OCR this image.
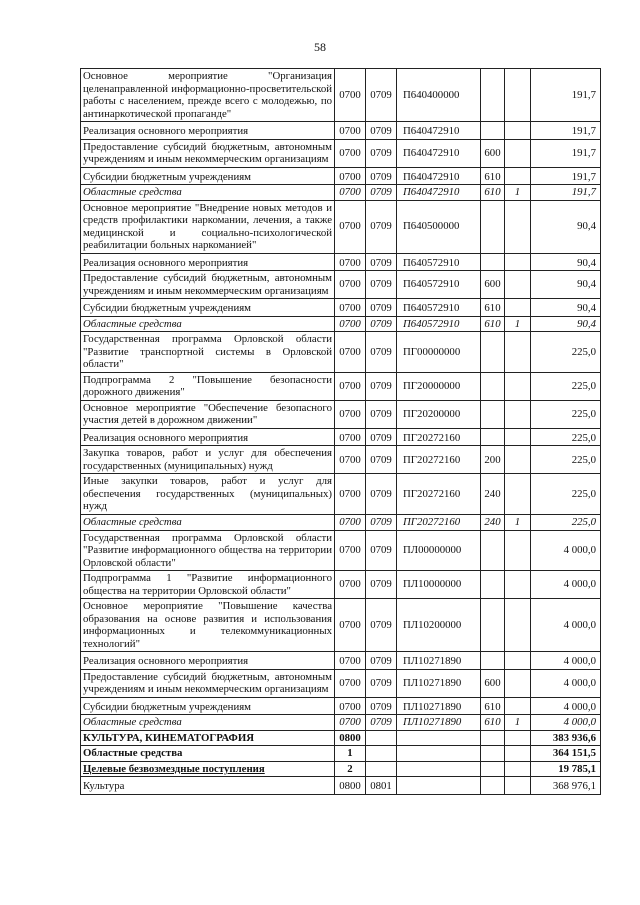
58
Основное мероприятие "Организация целенаправленной информационно-просветительской работы с населением, прежде всего с молодежью, по антинаркотической пропаганде"	0700	0709	П640400000			191,7
Реализация основного мероприятия	0700	0709	П640472910			191,7
Предоставление субсидий бюджетным, автономным учреждениям и иным некоммерческим организациям	0700	0709	П640472910	600		191,7
Субсидии бюджетным учреждениям	0700	0709	П640472910	610		191,7
Областные средства	0700	0709	П640472910	610	1	191,7
Основное мероприятие "Внедрение новых методов и средств профилактики наркомании, лечения, а также медицинской и социально-психологической реабилитации больных наркоманией"	0700	0709	П640500000			90,4
Реализация основного мероприятия	0700	0709	П640572910			90,4
Предоставление субсидий бюджетным, автономным учреждениям и иным некоммерческим организациям	0700	0709	П640572910	600		90,4
Субсидии бюджетным учреждениям	0700	0709	П640572910	610		90,4
Областные средства	0700	0709	П640572910	610	1	90,4
Государственная программа Орловской области "Развитие транспортной системы в Орловской области"	0700	0709	ПГ00000000			225,0
Подпрограмма 2 "Повышение безопасности дорожного движения"	0700	0709	ПГ20000000			225,0
Основное мероприятие "Обеспечение безопасного участия детей в дорожном движении"	0700	0709	ПГ20200000			225,0
Реализация основного мероприятия	0700	0709	ПГ20272160			225,0
Закупка товаров, работ и услуг для обеспечения государственных (муниципальных) нужд	0700	0709	ПГ20272160	200		225,0
Иные закупки товаров, работ и услуг для обеспечения государственных (муниципальных) нужд	0700	0709	ПГ20272160	240		225,0
Областные средства	0700	0709	ПГ20272160	240	1	225,0
Государственная программа Орловской области "Развитие информационного общества на территории Орловской области"	0700	0709	ПЛ00000000			4 000,0
Подпрограмма 1 "Развитие информационного общества на территории Орловской области"	0700	0709	ПЛ10000000			4 000,0
Основное мероприятие "Повышение качества образования на основе развития и использования информационных и телекоммуникационных технологий"	0700	0709	ПЛ10200000			4 000,0
Реализация основного мероприятия	0700	0709	ПЛ10271890			4 000,0
Предоставление субсидий бюджетным, автономным учреждениям и иным некоммерческим организациям	0700	0709	ПЛ10271890	600		4 000,0
Субсидии бюджетным учреждениям	0700	0709	ПЛ10271890	610		4 000,0
Областные средства	0700	0709	ПЛ10271890	610	1	4 000,0
КУЛЬТУРА, КИНЕМАТОГРАФИЯ	0800					383 936,6
Областные средства	1					364 151,5
Целевые безвозмездные поступления	2					19 785,1
Культура	0800	0801				368 976,1
